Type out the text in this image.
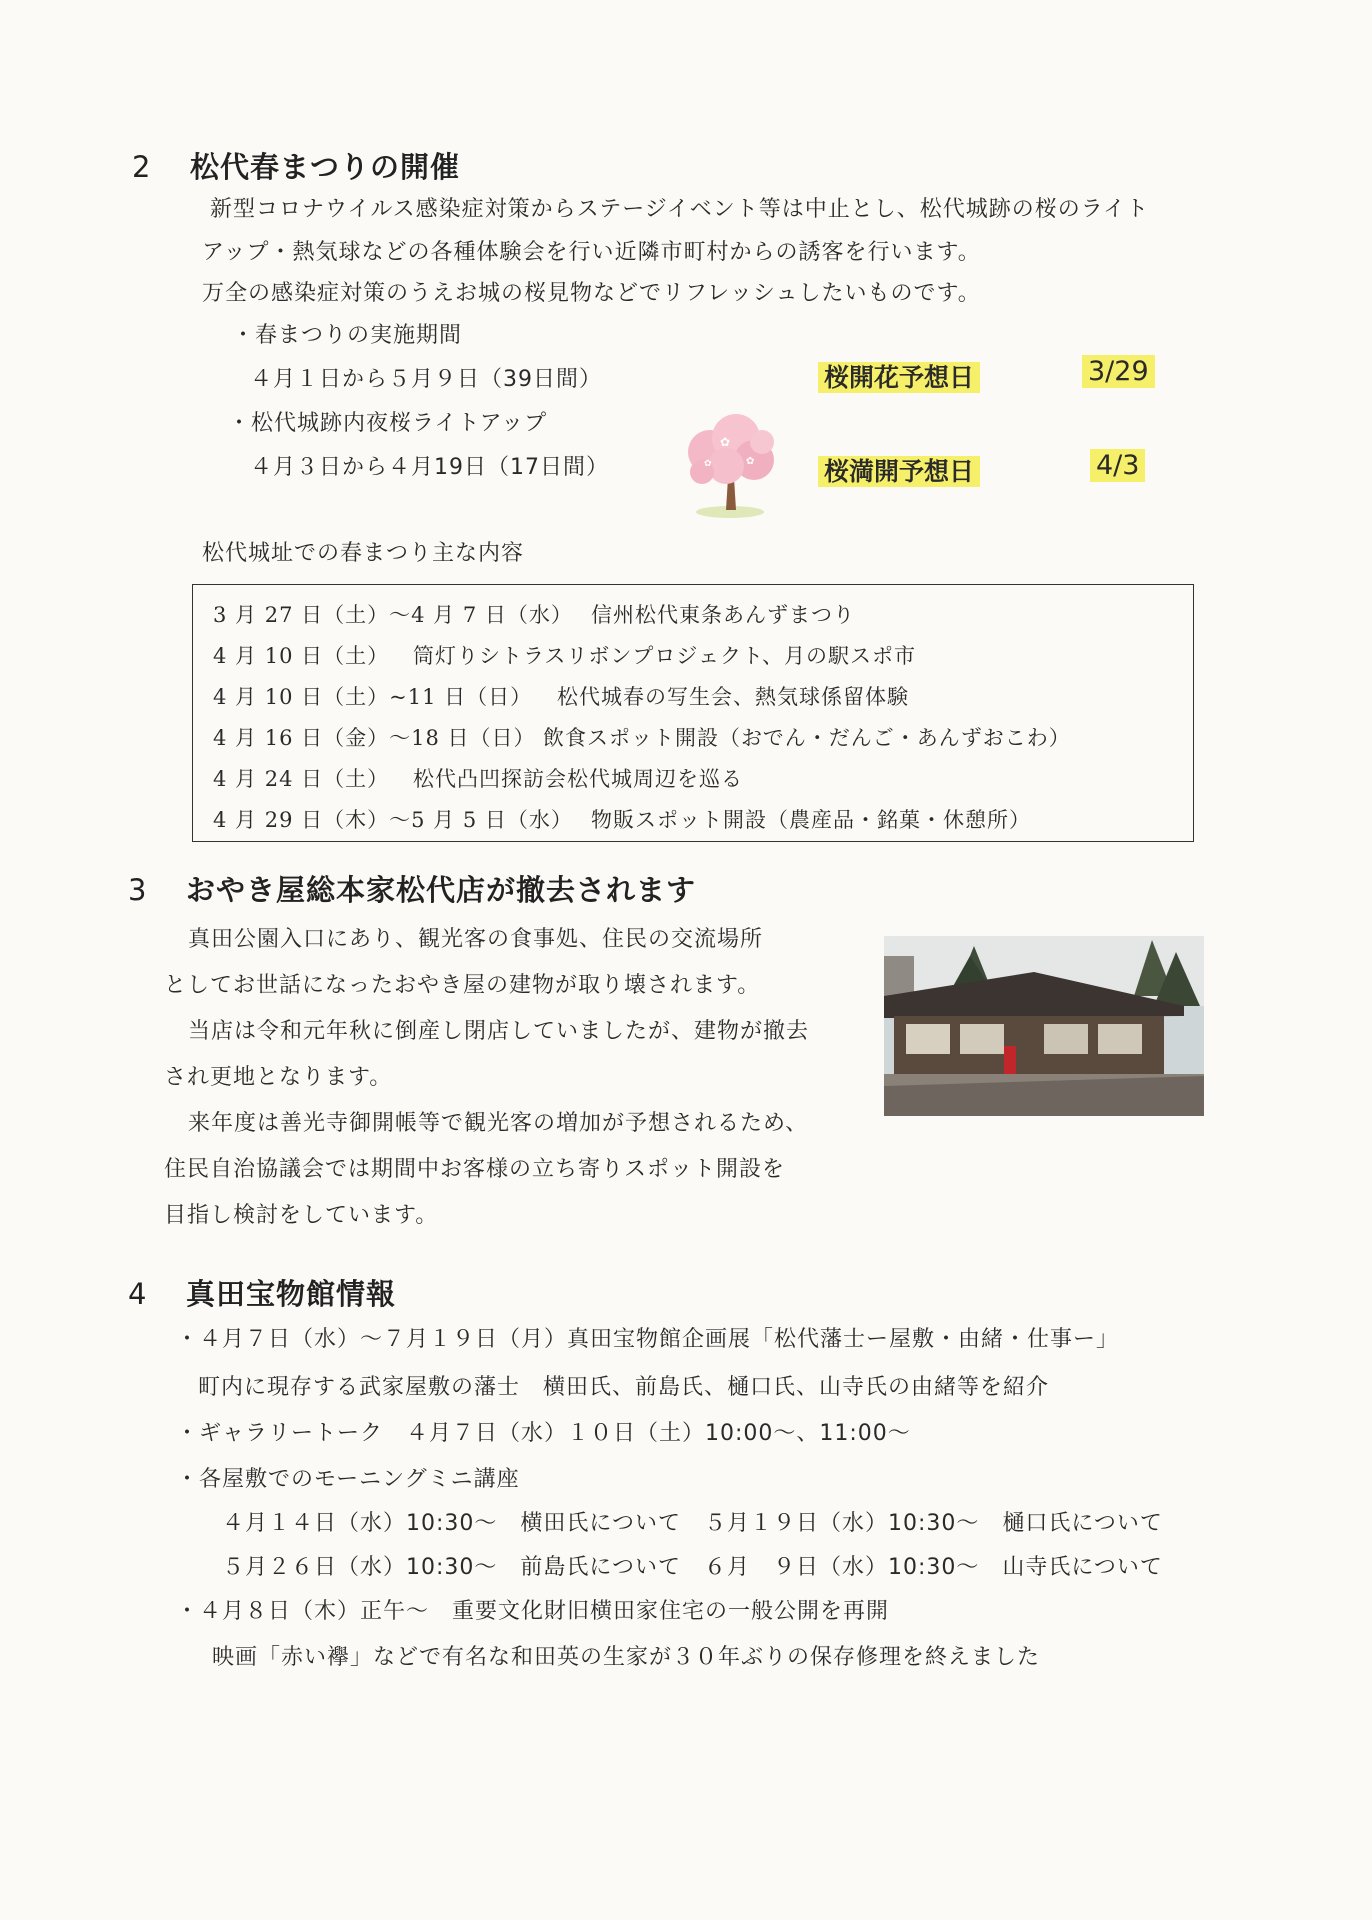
2 松代春まつりの開催
新型コロナウイルス感染症対策からステージイベント等は中止とし、松代城跡の桜のライト
アップ・熱気球などの各種体験会を行い近隣市町村からの誘客を行います。
万全の感染症対策のうえお城の桜見物などでリフレッシュしたいものです。
・春まつりの実施期間
４月１日から５月９日（39日間）
・松代城跡内夜桜ライトアップ
４月３日から４月19日（17日間）
桜開花予想日	3/29
桜満開予想日	4/3
✿
✿
✿
松代城址での春まつり主な内容
3 月 27 日（土）～4 月 7 日（水） 信州松代東条あんずまつり
4 月 10 日（土） 筒灯りシトラスリボンプロジェクト、月の駅スポ市
4 月 10 日（土）~11 日（日） 松代城春の写生会、熱気球係留体験
4 月 16 日（金）～18 日（日） 飲食スポット開設（おでん・だんご・あんずおこわ）
4 月 24 日（土） 松代凸凹探訪会松代城周辺を巡る
4 月 29 日（木）～5 月 5 日（水） 物販スポット開設（農産品・銘菓・休憩所）
3 おやき屋総本家松代店が撤去されます
真田公園入口にあり、観光客の食事処、住民の交流場所
としてお世話になったおやき屋の建物が取り壊されます。
当店は令和元年秋に倒産し閉店していましたが、建物が撤去
され更地となります。
来年度は善光寺御開帳等で観光客の増加が予想されるため、
住民自治協議会では期間中お客様の立ち寄りスポット開設を
目指し検討をしています。
4 真田宝物館情報
・４月７日（水）～７月１９日（月）真田宝物館企画展「松代藩士ー屋敷・由緒・仕事ー」
町内に現存する武家屋敷の藩士　横田氏、前島氏、樋口氏、山寺氏の由緒等を紹介
・ギャラリートーク　４月７日（水）１０日（土）10:00～、11:00～
・各屋敷でのモーニングミニ講座
４月１４日（水）10:30～　横田氏について　５月１９日（水）10:30～　樋口氏について
５月２６日（水）10:30～　前島氏について　６月　９日（水）10:30～　山寺氏について
・４月８日（木）正午～　重要文化財旧横田家住宅の一般公開を再開
映画「赤い襷」などで有名な和田英の生家が３０年ぶりの保存修理を終えました
